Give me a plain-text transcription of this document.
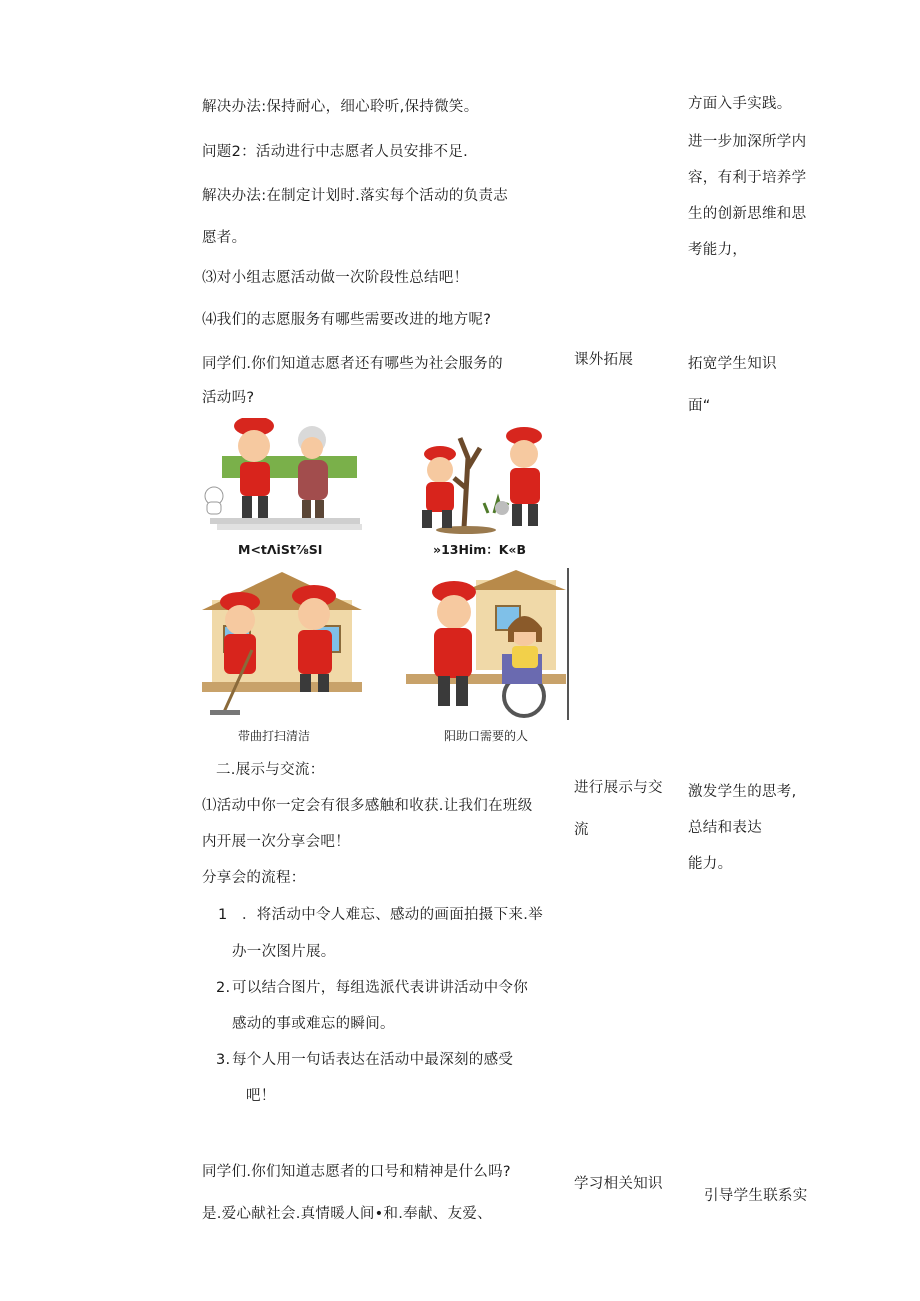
解决办法:保持耐心，细心聆听,保持微笑。
问题2：活动进行中志愿者人员安排不足.
解决办法:在制定计划时.落实每个活动的负责志
愿者。
⑶对小组志愿活动做一次阶段性总结吧！
⑷我们的志愿服务有哪些需要改进的地方呢?
同学们.你们知道志愿者还有哪些为社会服务的
活动吗?
M<tΛiSt⅞SI	»13Him：K«B
带曲打扫清洁	阳助口需要的人
二.展示与交流：
⑴活动中你一定会有很多感触和收获.让我们在班级
内开展一次分享会吧！
分享会的流程：
1 ．将活动中令人难忘、感动的画面拍摄下来.举
办一次图片展。
2. 可以结合图片，每组选派代表讲讲活动中令你
感动的事或难忘的瞬间。
3. 每个人用一句话表达在活动中最深刻的感受
吧！
同学们.你们知道志愿者的口号和精神是什么吗?
是.爱心献社会.真情暖人间•和.奉献、友爱、
课外拓展
进行展示与交
流
学习相关知识
方面入手实践。
进一步加深所学内
容，有利于培养学
生的创新思维和思
考能力，
拓宽学生知识
面“
激发学生的思考,
总结和表达
能力。
引导学生联系实
